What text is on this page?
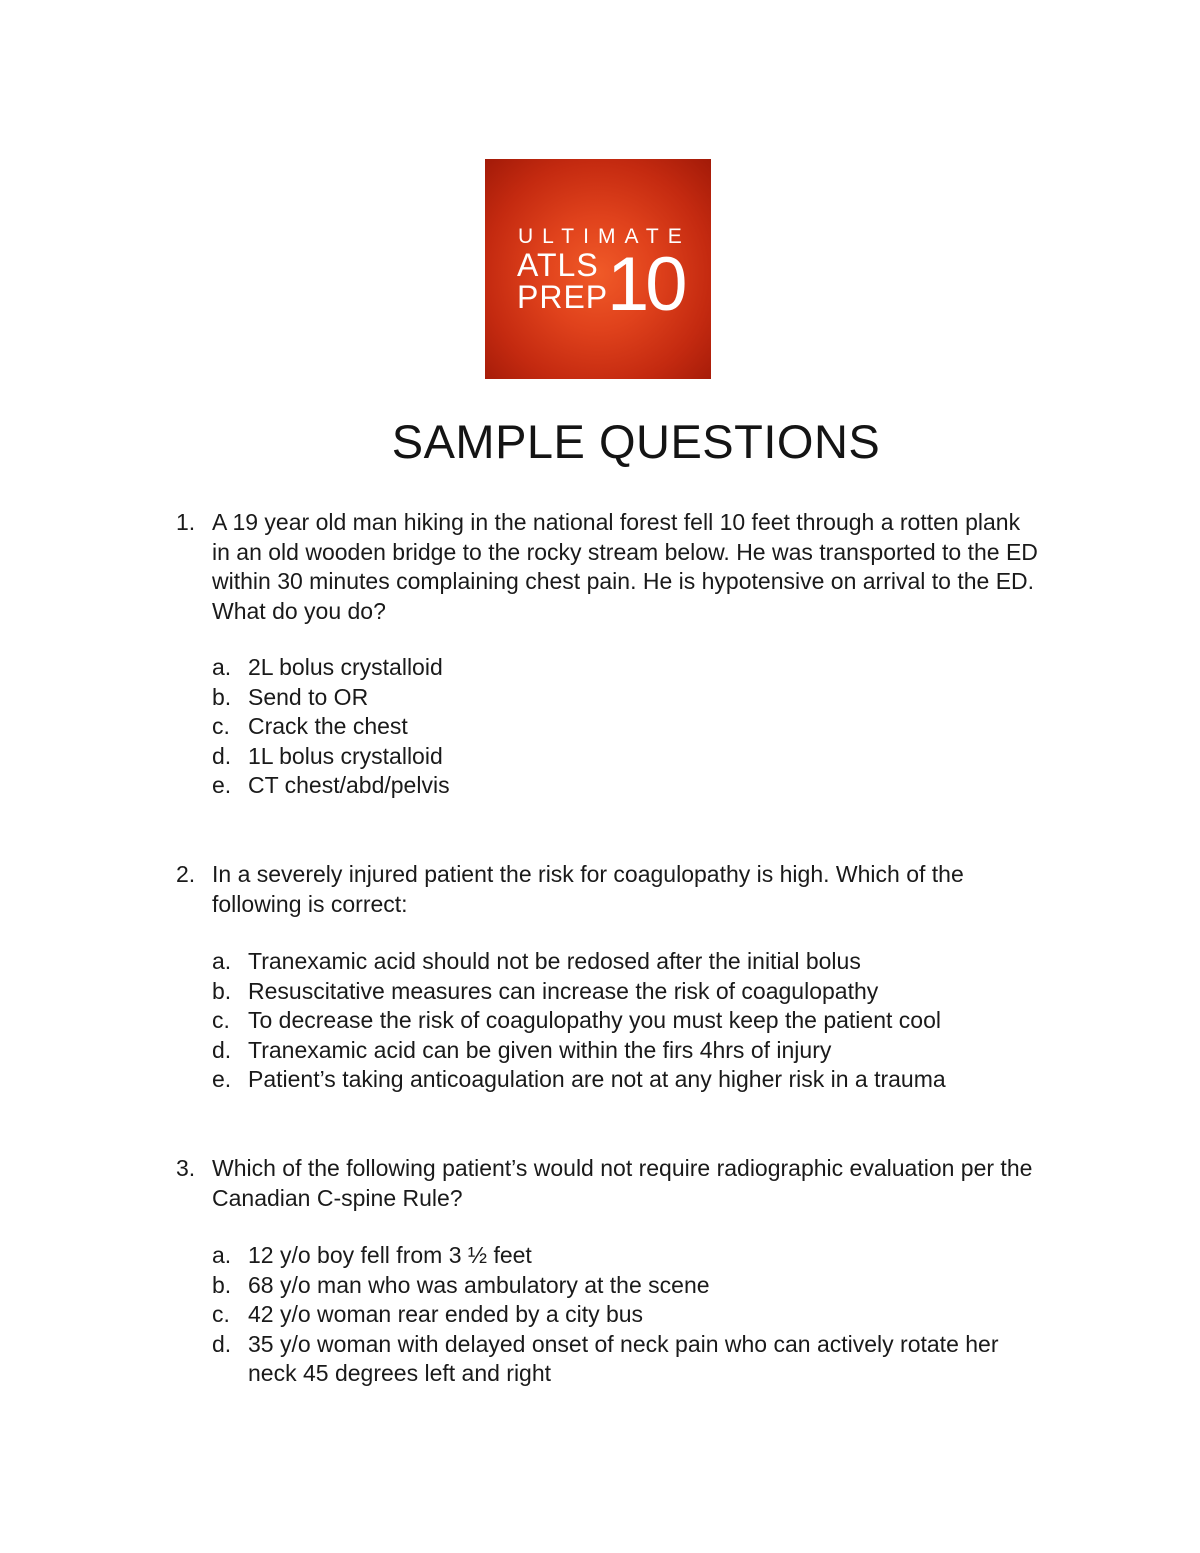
ULTIMATE
ATLS
PREP
10
SAMPLE QUESTIONS
1. A 19 year old man hiking in the national forest fell 10 feet through a rotten plank
in an old wooden bridge to the rocky stream below. He was transported to the ED
within 30 minutes complaining chest pain. He is hypotensive on arrival to the ED.
What do you do?
a. 2L bolus crystalloid
b. Send to OR
c. Crack the chest
d. 1L bolus crystalloid
e. CT chest/abd/pelvis
2. In a severely injured patient the risk for coagulopathy is high. Which of the
following is correct:
a. Tranexamic acid should not be redosed after the initial bolus
b. Resuscitative measures can increase the risk of coagulopathy
c. To decrease the risk of coagulopathy you must keep the patient cool
d. Tranexamic acid can be given within the firs 4hrs of injury
e. Patient’s taking anticoagulation are not at any higher risk in a trauma
3. Which of the following patient’s would not require radiographic evaluation per the
Canadian C-spine Rule?
a. 12 y/o boy fell from 3 ½ feet
b. 68 y/o man who was ambulatory at the scene
c. 42 y/o woman rear ended by a city bus
d. 35 y/o woman with delayed onset of neck pain who can actively rotate her
neck 45 degrees left and right
